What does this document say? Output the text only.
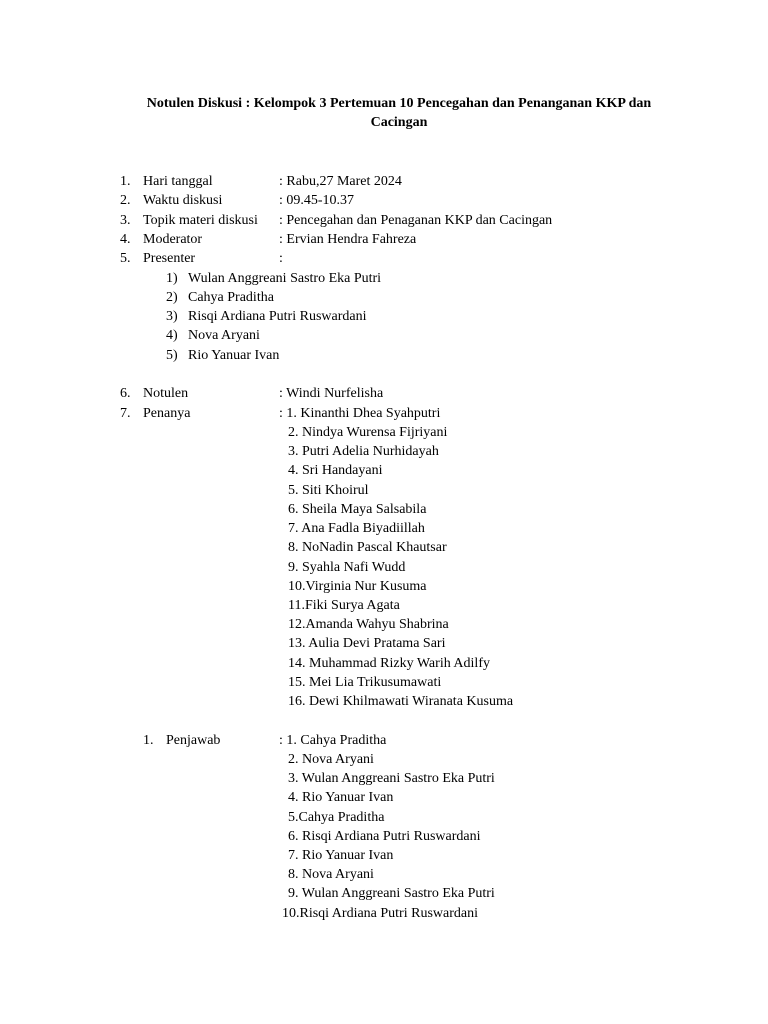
Notulen Diskusi : Kelompok 3 Pertemuan 10 Pencegahan dan Penanganan KKP dan
Cacingan
1. Hari tanggal	: Rabu,27 Maret 2024
2. Waktu diskusi	: 09.45-10.37
3. Topik materi diskusi : Pencegahan dan Penaganan KKP dan Cacingan
4. Moderator	: Ervian Hendra Fahreza
5. Presenter	:
1) Wulan Anggreani Sastro Eka Putri
2) Cahya Praditha
3) Risqi Ardiana Putri Ruswardani
4) Nova Aryani
5) Rio Yanuar Ivan
6. Notulen	: Windi Nurfelisha
7. Penanya	: 1. Kinanthi Dhea Syahputri
2. Nindya Wurensa Fijriyani
3. Putri Adelia Nurhidayah
4. Sri Handayani
5. Siti Khoirul
6. Sheila Maya Salsabila
7. Ana Fadla Biyadiillah
8. NoNadin Pascal Khautsar
9. Syahla Nafi Wudd
10.Virginia Nur Kusuma
11.Fiki Surya Agata
12.Amanda Wahyu Shabrina
13. Aulia Devi Pratama Sari
14. Muhammad Rizky Warih Adilfy
15. Mei Lia Trikusumawati
16. Dewi Khilmawati Wiranata Kusuma
1. Penjawab	: 1. Cahya Praditha
2. Nova Aryani
3. Wulan Anggreani Sastro Eka Putri
4. Rio Yanuar Ivan
5.Cahya Praditha
6. Risqi Ardiana Putri Ruswardani
7. Rio Yanuar Ivan
8. Nova Aryani
9. Wulan Anggreani Sastro Eka Putri
10.Risqi Ardiana Putri Ruswardani
